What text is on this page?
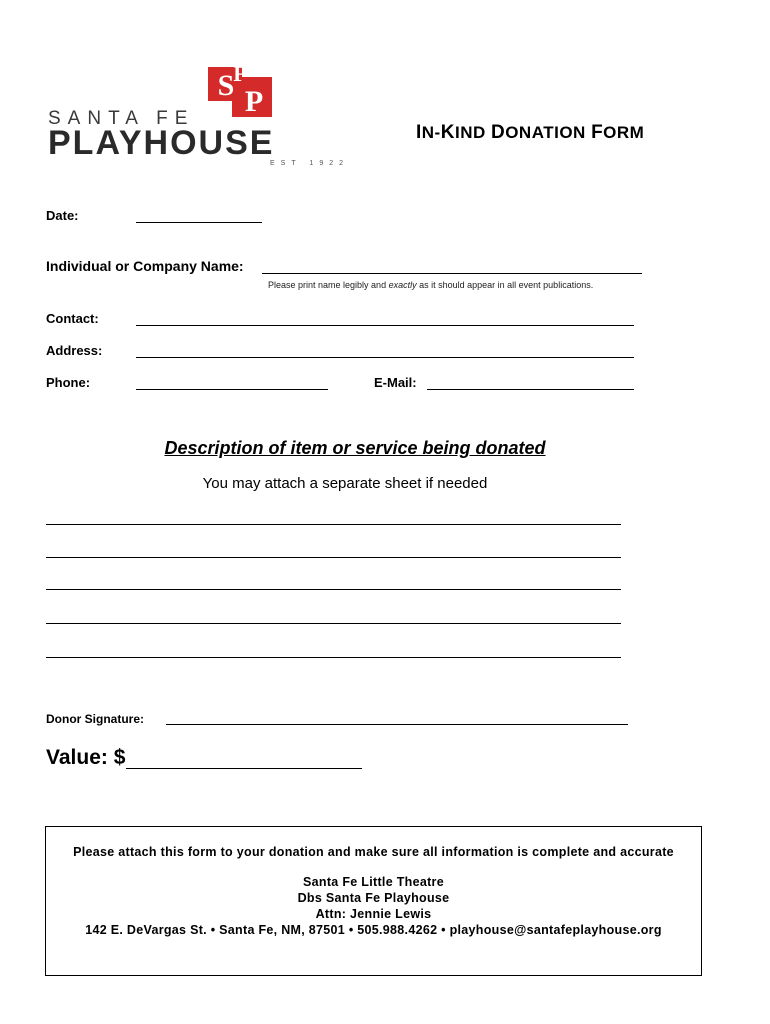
S
F
P
SANTA FE
PLAYHOUSE
EST 1922
IN-KIND DONATION FORM
Date:
Individual or Company Name:
Please print name legibly and exactly as it should appear in all event publications.
Contact:
Address:
Phone:	E-Mail:
Description of item or service being donated
You may attach a separate sheet if needed
Donor Signature:
Value: $

Please attach this form to your donation and make sure all information is complete and accurate

Santa Fe Little Theatre

Dbs Santa Fe Playhouse

Attn: Jennie Lewis

142 E. DeVargas St. • Santa Fe, NM, 87501 • 505.988.4262 • playhouse@santafeplayhouse.org
